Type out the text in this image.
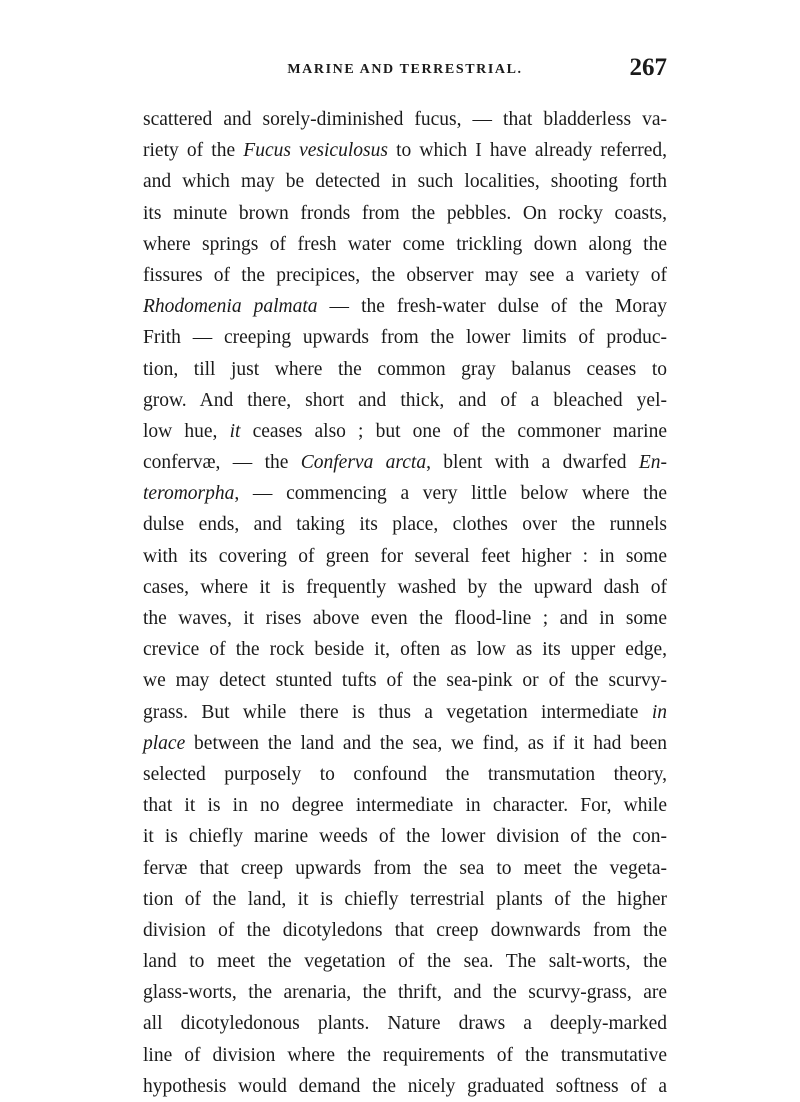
MARINE AND TERRESTRIAL.	267
scattered and sorely-diminished fucus, — that bladderless va-
riety of the Fucus vesiculosus to which I have already referred,
and which may be detected in such localities, shooting forth
its minute brown fronds from the pebbles. On rocky coasts,
where springs of fresh water come trickling down along the
fissures of the precipices, the observer may see a variety of
Rhodomenia palmata — the fresh-water dulse of the Moray
Frith — creeping upwards from the lower limits of produc-
tion, till just where the common gray balanus ceases to
grow. And there, short and thick, and of a bleached yel-
low hue, it ceases also ; but one of the commoner marine
confervæ, — the Conferva arcta, blent with a dwarfed En-
teromorpha, — commencing a very little below where the
dulse ends, and taking its place, clothes over the runnels
with its covering of green for several feet higher : in some
cases, where it is frequently washed by the upward dash of
the waves, it rises above even the flood-line ; and in some
crevice of the rock beside it, often as low as its upper edge,
we may detect stunted tufts of the sea-pink or of the scurvy-
grass. But while there is thus a vegetation intermediate in
place between the land and the sea, we find, as if it had been
selected purposely to confound the transmutation theory,
that it is in no degree intermediate in character. For, while
it is chiefly marine weeds of the lower division of the con-
fervæ that creep upwards from the sea to meet the vegeta-
tion of the land, it is chiefly terrestrial plants of the higher
division of the dicotyledons that creep downwards from the
land to meet the vegetation of the sea. The salt-worts, the
glass-worts, the arenaria, the thrift, and the scurvy-grass, are
all dicotyledonous plants. Nature draws a deeply-marked
line of division where the requirements of the transmutative
hypothesis would demand the nicely graduated softness of a
